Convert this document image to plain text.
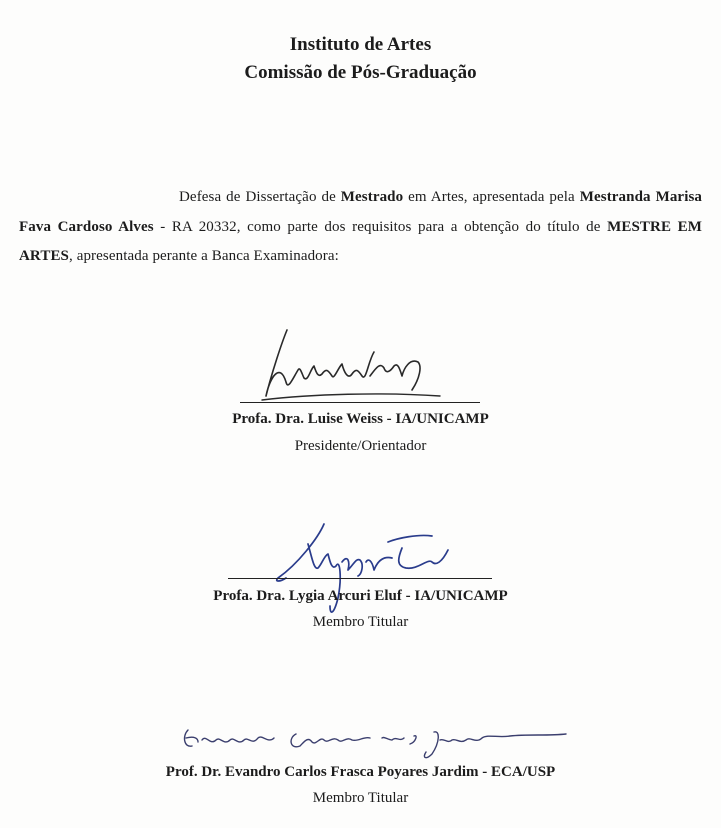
Instituto de Artes
Comissão de Pós-Graduação
Defesa de Dissertação de Mestrado em Artes, apresentada pela Mestranda Marisa Fava Cardoso Alves - RA 20332, como parte dos requisitos para a obtenção do título de MESTRE EM ARTES, apresentada perante a Banca Examinadora:
Profa. Dra. Luise Weiss - IA/UNICAMP
Presidente/Orientador
Profa. Dra. Lygia Arcuri Eluf - IA/UNICAMP
Membro Titular
Prof. Dr. Evandro Carlos Frasca Poyares Jardim - ECA/USP
Membro Titular
